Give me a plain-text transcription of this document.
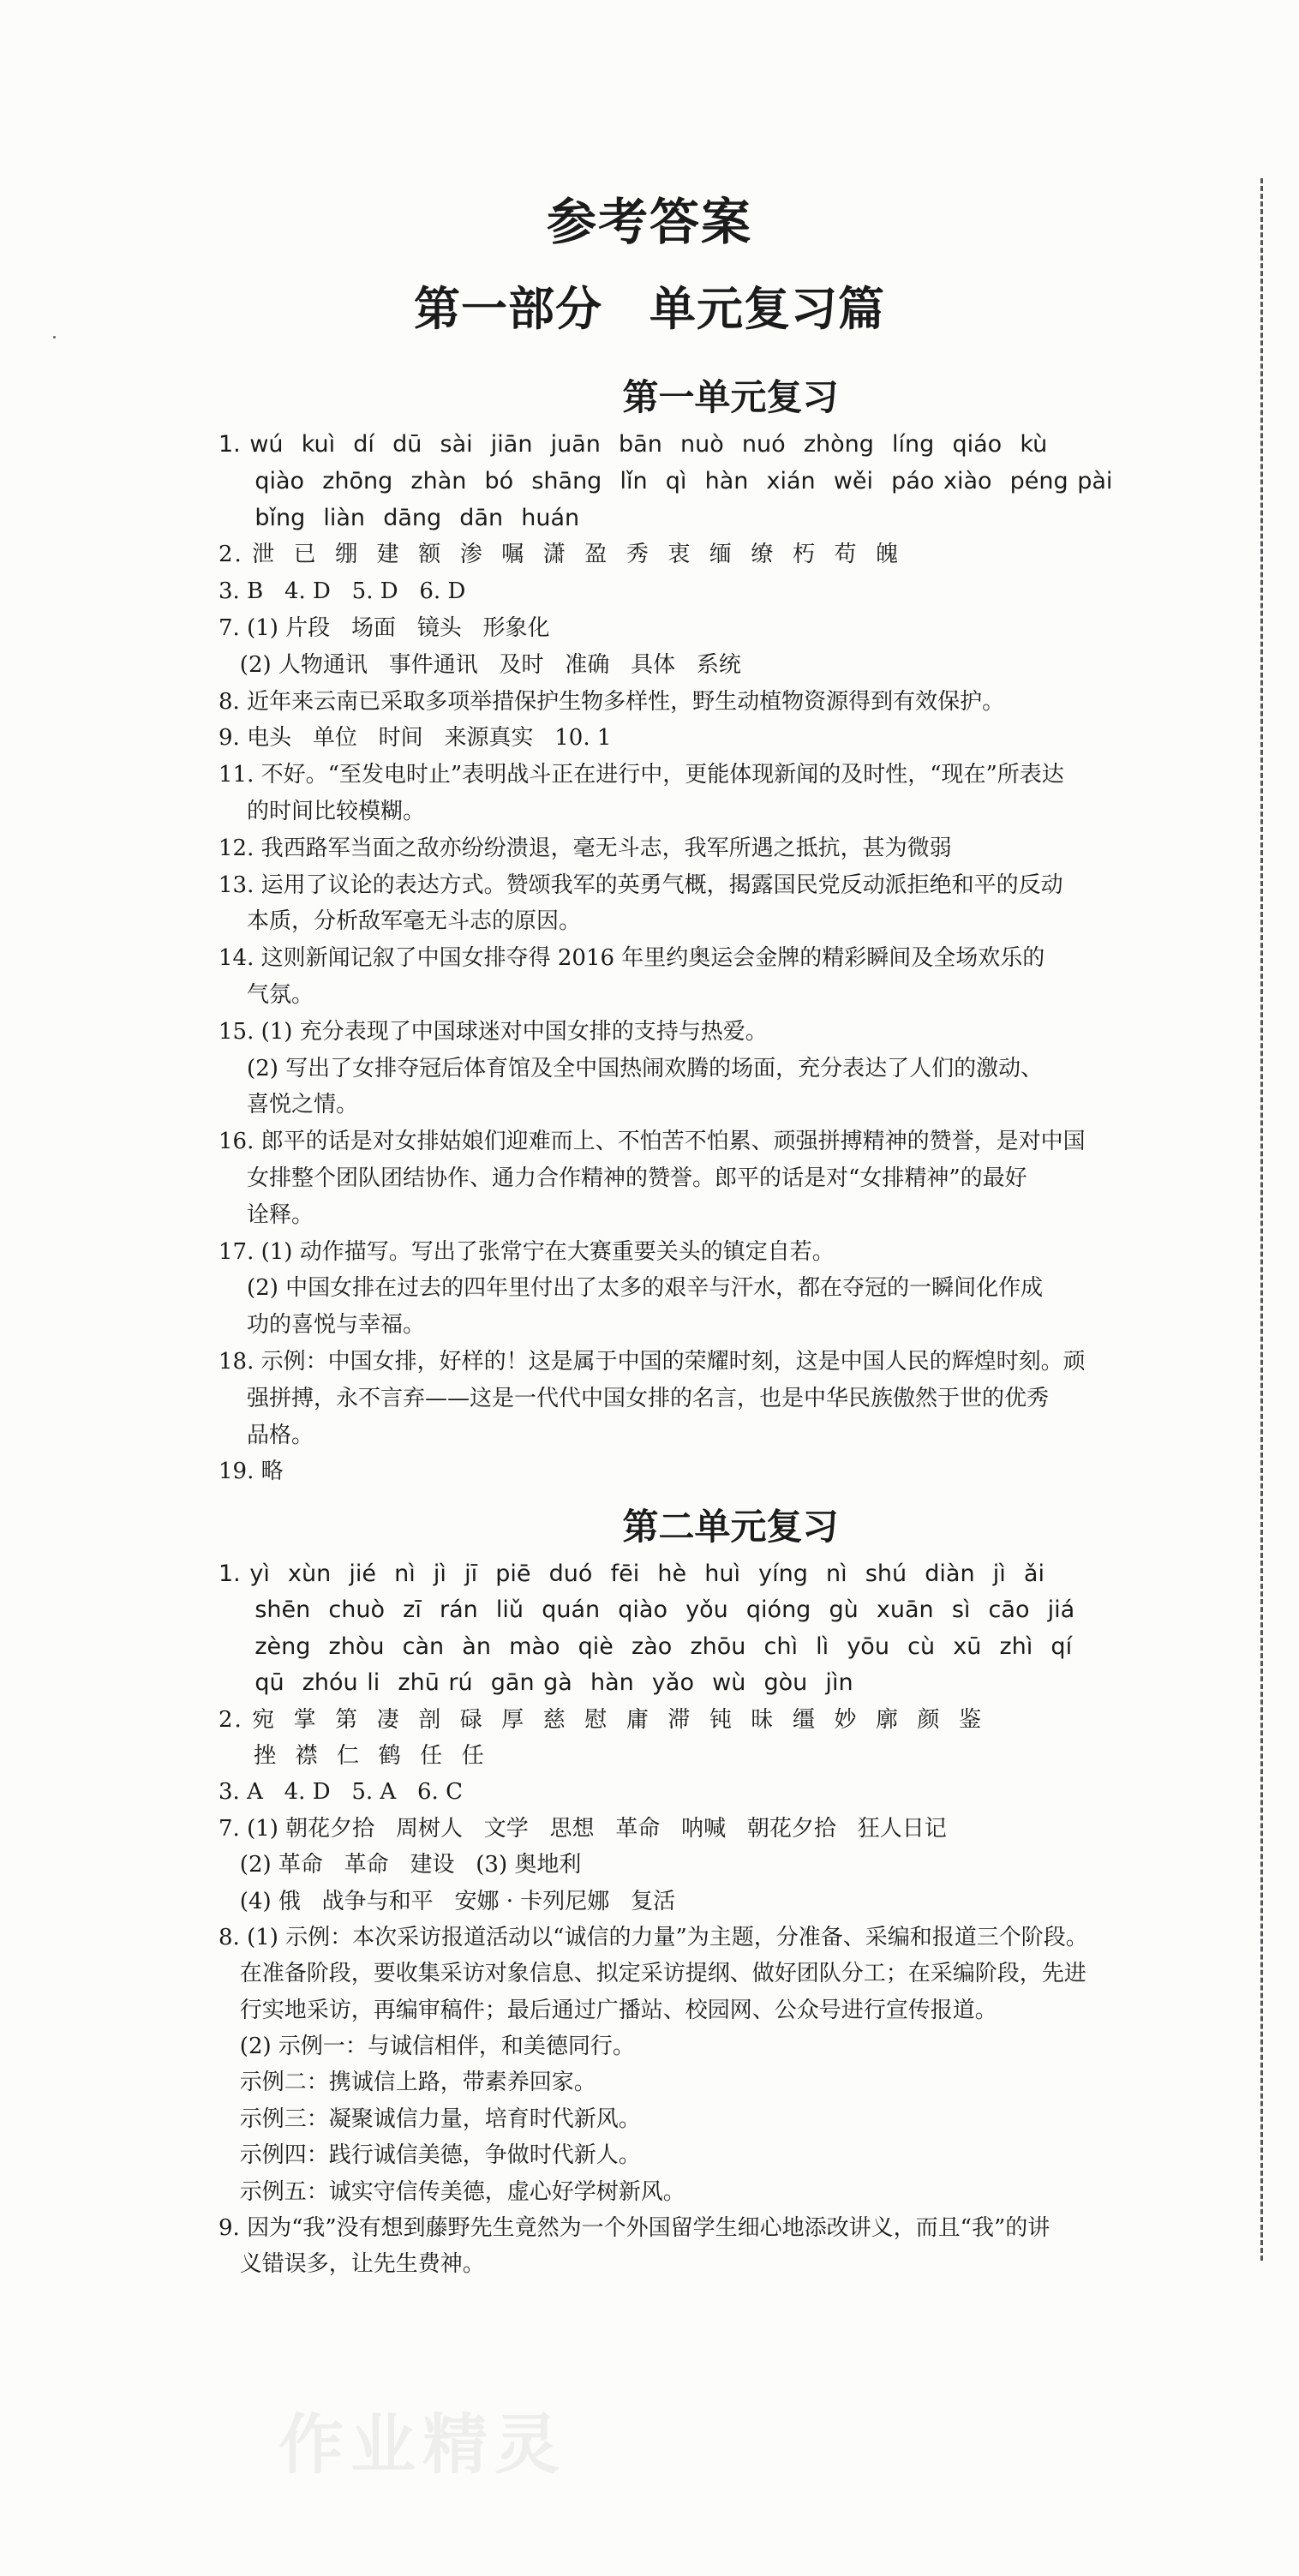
参考答案
第一部分　单元复习篇
第一单元复习
1. wú  kuì  dí  dū  sài  jiān  juān  bān  nuò  nuó  zhòng  líng  qiáo  kù
qiào  zhōng  zhàn  bó  shāng  lǐn  qì  hàn  xián  wěi  páo xiào  péng pài
bǐng  liàn  dāng  dān  huán
2. 泄  已  绷  建  额  渗  嘱  潇  盈  秀  衷  缅  缭  朽  苟  魄
3. B   4. D   5. D   6. D
7. (1) 片段   场面   镜头   形象化
(2) 人物通讯   事件通讯   及时   准确   具体   系统
8. 近年来云南已采取多项举措保护生物多样性，野生动植物资源得到有效保护。
9. 电头   单位   时间   来源真实   10. 1
11. 不好。“至发电时止”表明战斗正在进行中，更能体现新闻的及时性，“现在”所表达
的时间比较模糊。
12. 我西路军当面之敌亦纷纷溃退，毫无斗志，我军所遇之抵抗，甚为微弱
13. 运用了议论的表达方式。赞颂我军的英勇气概，揭露国民党反动派拒绝和平的反动
本质，分析敌军毫无斗志的原因。
14. 这则新闻记叙了中国女排夺得 2016 年里约奥运会金牌的精彩瞬间及全场欢乐的
气氛。
15. (1) 充分表现了中国球迷对中国女排的支持与热爱。
(2) 写出了女排夺冠后体育馆及全中国热闹欢腾的场面，充分表达了人们的激动、
喜悦之情。
16. 郎平的话是对女排姑娘们迎难而上、不怕苦不怕累、顽强拼搏精神的赞誉，是对中国
女排整个团队团结协作、通力合作精神的赞誉。郎平的话是对“女排精神”的最好
诠释。
17. (1) 动作描写。写出了张常宁在大赛重要关头的镇定自若。
(2) 中国女排在过去的四年里付出了太多的艰辛与汗水，都在夺冠的一瞬间化作成
功的喜悦与幸福。
18. 示例：中国女排，好样的！这是属于中国的荣耀时刻，这是中国人民的辉煌时刻。顽
强拼搏，永不言弃——这是一代代中国女排的名言，也是中华民族傲然于世的优秀
品格。
19. 略
第二单元复习
1. yì  xùn  jié  nì  jì  jī  piē  duó  fēi  hè  huì  yíng  nì  shú  diàn  jì  ǎi
shēn  chuò  zī  rán  liǔ  quán  qiào  yǒu  qióng  gù  xuān  sì  cāo  jiá
zèng  zhòu  càn  àn  mào  qiè  zào  zhōu  chì  lì  yōu  cù  xū  zhì  qí
qū  zhóu li  zhū rú  gān gà  hàn  yǎo  wù  gòu  jìn
2. 宛  掌  第  凄  剖  碌  厚  慈  慰  庸  滞  钝  昧  缰  妙  廓  颜  鉴
挫  襟  仁  鹤  任  任
3. A   4. D   5. A   6. C
7. (1) 朝花夕拾   周树人   文学   思想   革命   呐喊   朝花夕拾   狂人日记
(2) 革命   革命   建设   (3) 奥地利
(4) 俄   战争与和平   安娜 · 卡列尼娜   复活
8. (1) 示例：本次采访报道活动以“诚信的力量”为主题，分准备、采编和报道三个阶段。
在准备阶段，要收集采访对象信息、拟定采访提纲、做好团队分工；在采编阶段，先进
行实地采访，再编审稿件；最后通过广播站、校园网、公众号进行宣传报道。
(2) 示例一：与诚信相伴，和美德同行。
示例二：携诚信上路，带素养回家。
示例三：凝聚诚信力量，培育时代新风。
示例四：践行诚信美德，争做时代新人。
示例五：诚实守信传美德，虚心好学树新风。
9. 因为“我”没有想到藤野先生竟然为一个外国留学生细心地添改讲义，而且“我”的讲
义错误多，让先生费神。
作业精灵
